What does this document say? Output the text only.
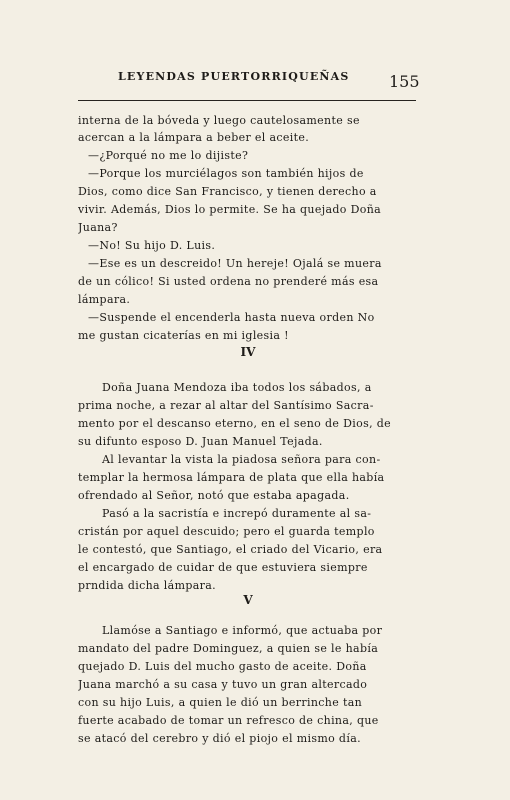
LEYENDAS PUERTORRIQUEÑAS 155
interna de la bóveda y luego cautelosamente se
acercan a la lámpara a beber el aceite.
—¿Porqué no me lo dijiste?
—Porque los murciélagos son también hijos de
Dios, como dice San Francisco, y tienen derecho a
vivir. Además, Dios lo permite. Se ha quejado Doña
Juana?
—No! Su hijo D. Luis.
—Ese es un descreido! Un hereje! Ojalá se muera
de un cólico! Si usted ordena no prenderé más esa
lámpara.
—Suspende el encenderla hasta nueva orden No
me gustan cicaterías en mi iglesia !
IV
Doña Juana Mendoza iba todos los sábados, a
prima noche, a rezar al altar del Santísimo Sacra-
mento por el descanso eterno, en el seno de Dios, de
su difunto esposo D. Juan Manuel Tejada.
Al levantar la vista la piadosa señora para con-
templar la hermosa lámpara de plata que ella había
ofrendado al Señor, notó que estaba apagada.
Pasó a la sacristía e increpó duramente al sa-
cristán por aquel descuido; pero el guarda templo
le contestó, que Santiago, el criado del Vicario, era
el encargado de cuidar de que estuviera siempre
prndida dicha lámpara.
V
Llamóse a Santiago e informó, que actuaba por
mandato del padre Dominguez, a quien se le había
quejado D. Luis del mucho gasto de aceite. Doña
Juana marchó a su casa y tuvo un gran altercado
con su hijo Luis, a quien le dió un berrinche tan
fuerte acabado de tomar un refresco de china, que
se atacó del cerebro y dió el piojo el mismo día.
